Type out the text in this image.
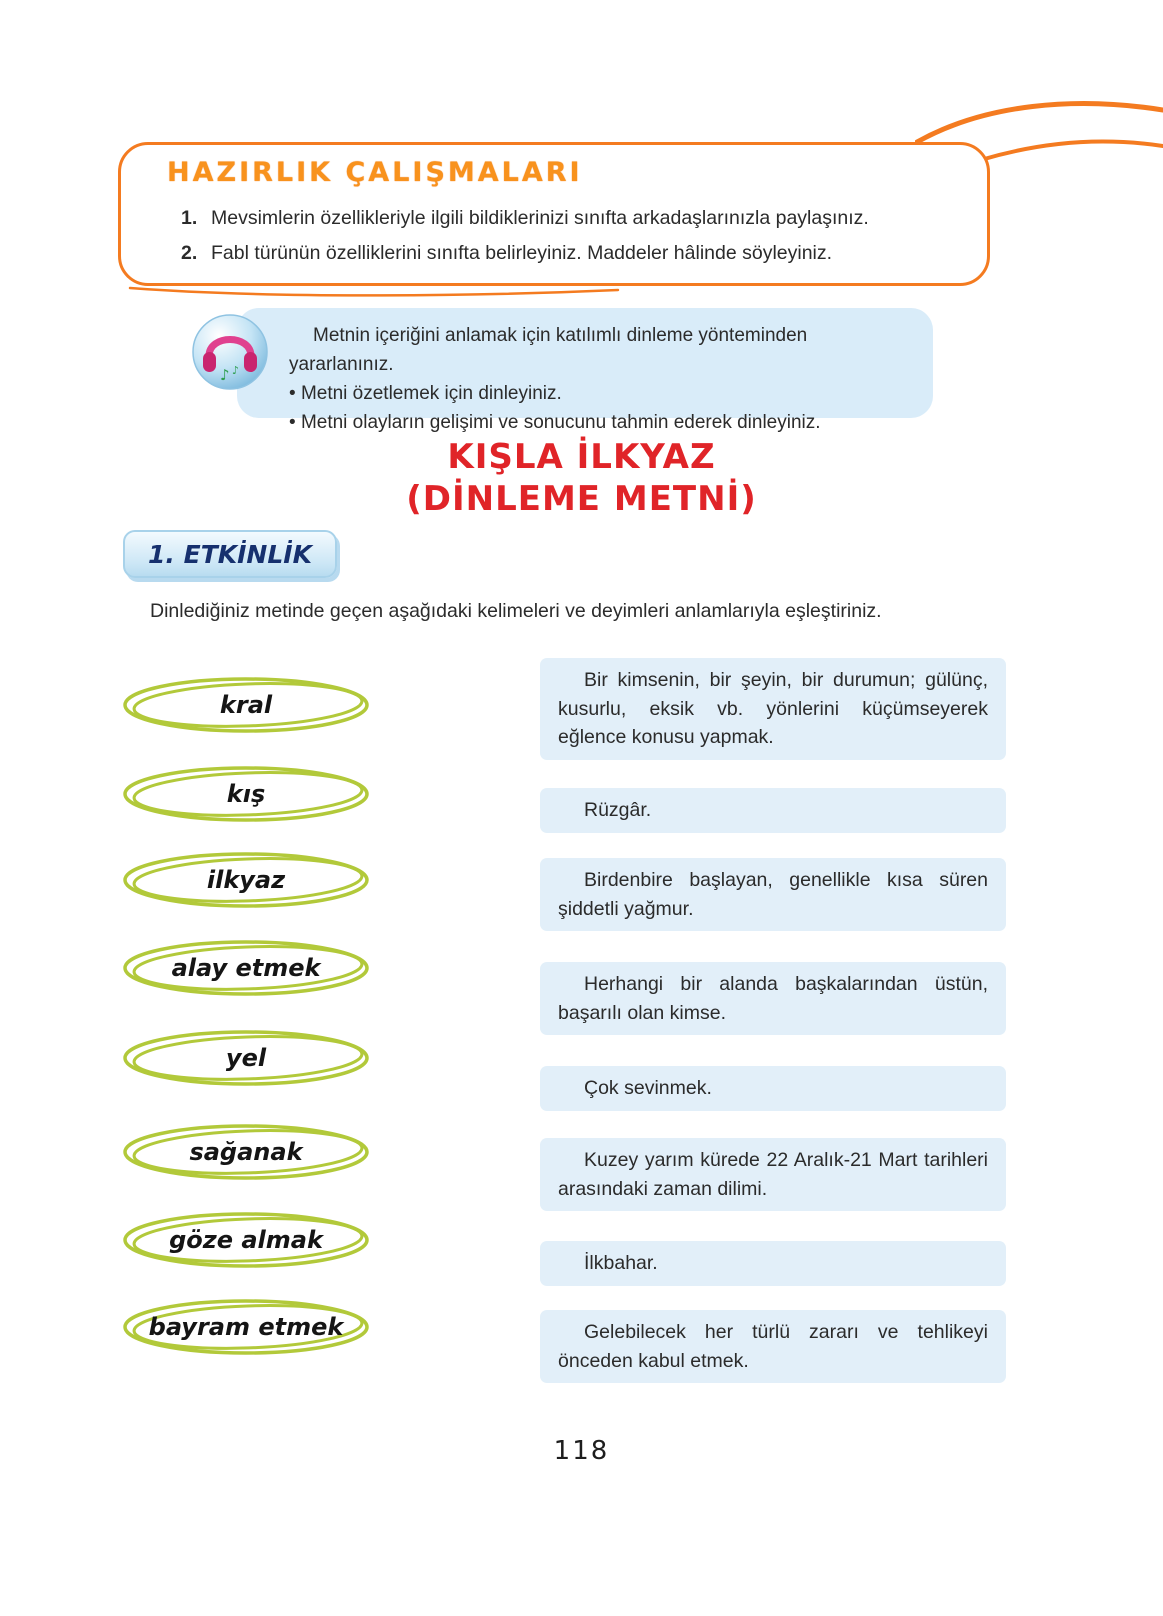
HAZIRLIK ÇALIŞMALARI
1. Mevsimlerin özellikleriyle ilgili bildiklerinizi sınıfta arkadaşlarınızla paylaşınız.
2. Fabl türünün özelliklerini sınıfta belirleyiniz. Maddeler hâlinde söyleyiniz.

Metnin içeriğini anlamak için katılımlı dinleme yönteminden yararlanınız.

• Metni özetlemek için dinleyiniz.
• Metni olayların gelişimi ve sonucunu tahmin ederek dinleyiniz.
♪ ♪
KIŞLA İLKYAZ
(DİNLEME METNİ)
1. ETKİNLİK

Dinlediğiniz metinde geçen aşağıdaki kelimeleri ve deyimleri anlamlarıyla eşleştiriniz.

kral
kış
ilkyaz
alay etmek
yel
sağanak
göze almak
bayram etmek

Bir kimsenin, bir şeyin, bir durumun; gülünç, kusurlu, eksik vb. yönlerini küçümseyerek eğlence konusu yapmak.

Rüzgâr.

Birdenbire başlayan, genellikle kısa süren şiddetli yağmur.

Herhangi bir alanda başkalarından üstün, başarılı olan kimse.

Çok sevinmek.

Kuzey yarım kürede 22 Aralık-21 Mart tarihleri arasındaki zaman dilimi.

İlkbahar.

Gelebilecek her türlü zararı ve tehlikeyi önceden kabul etmek.

118
